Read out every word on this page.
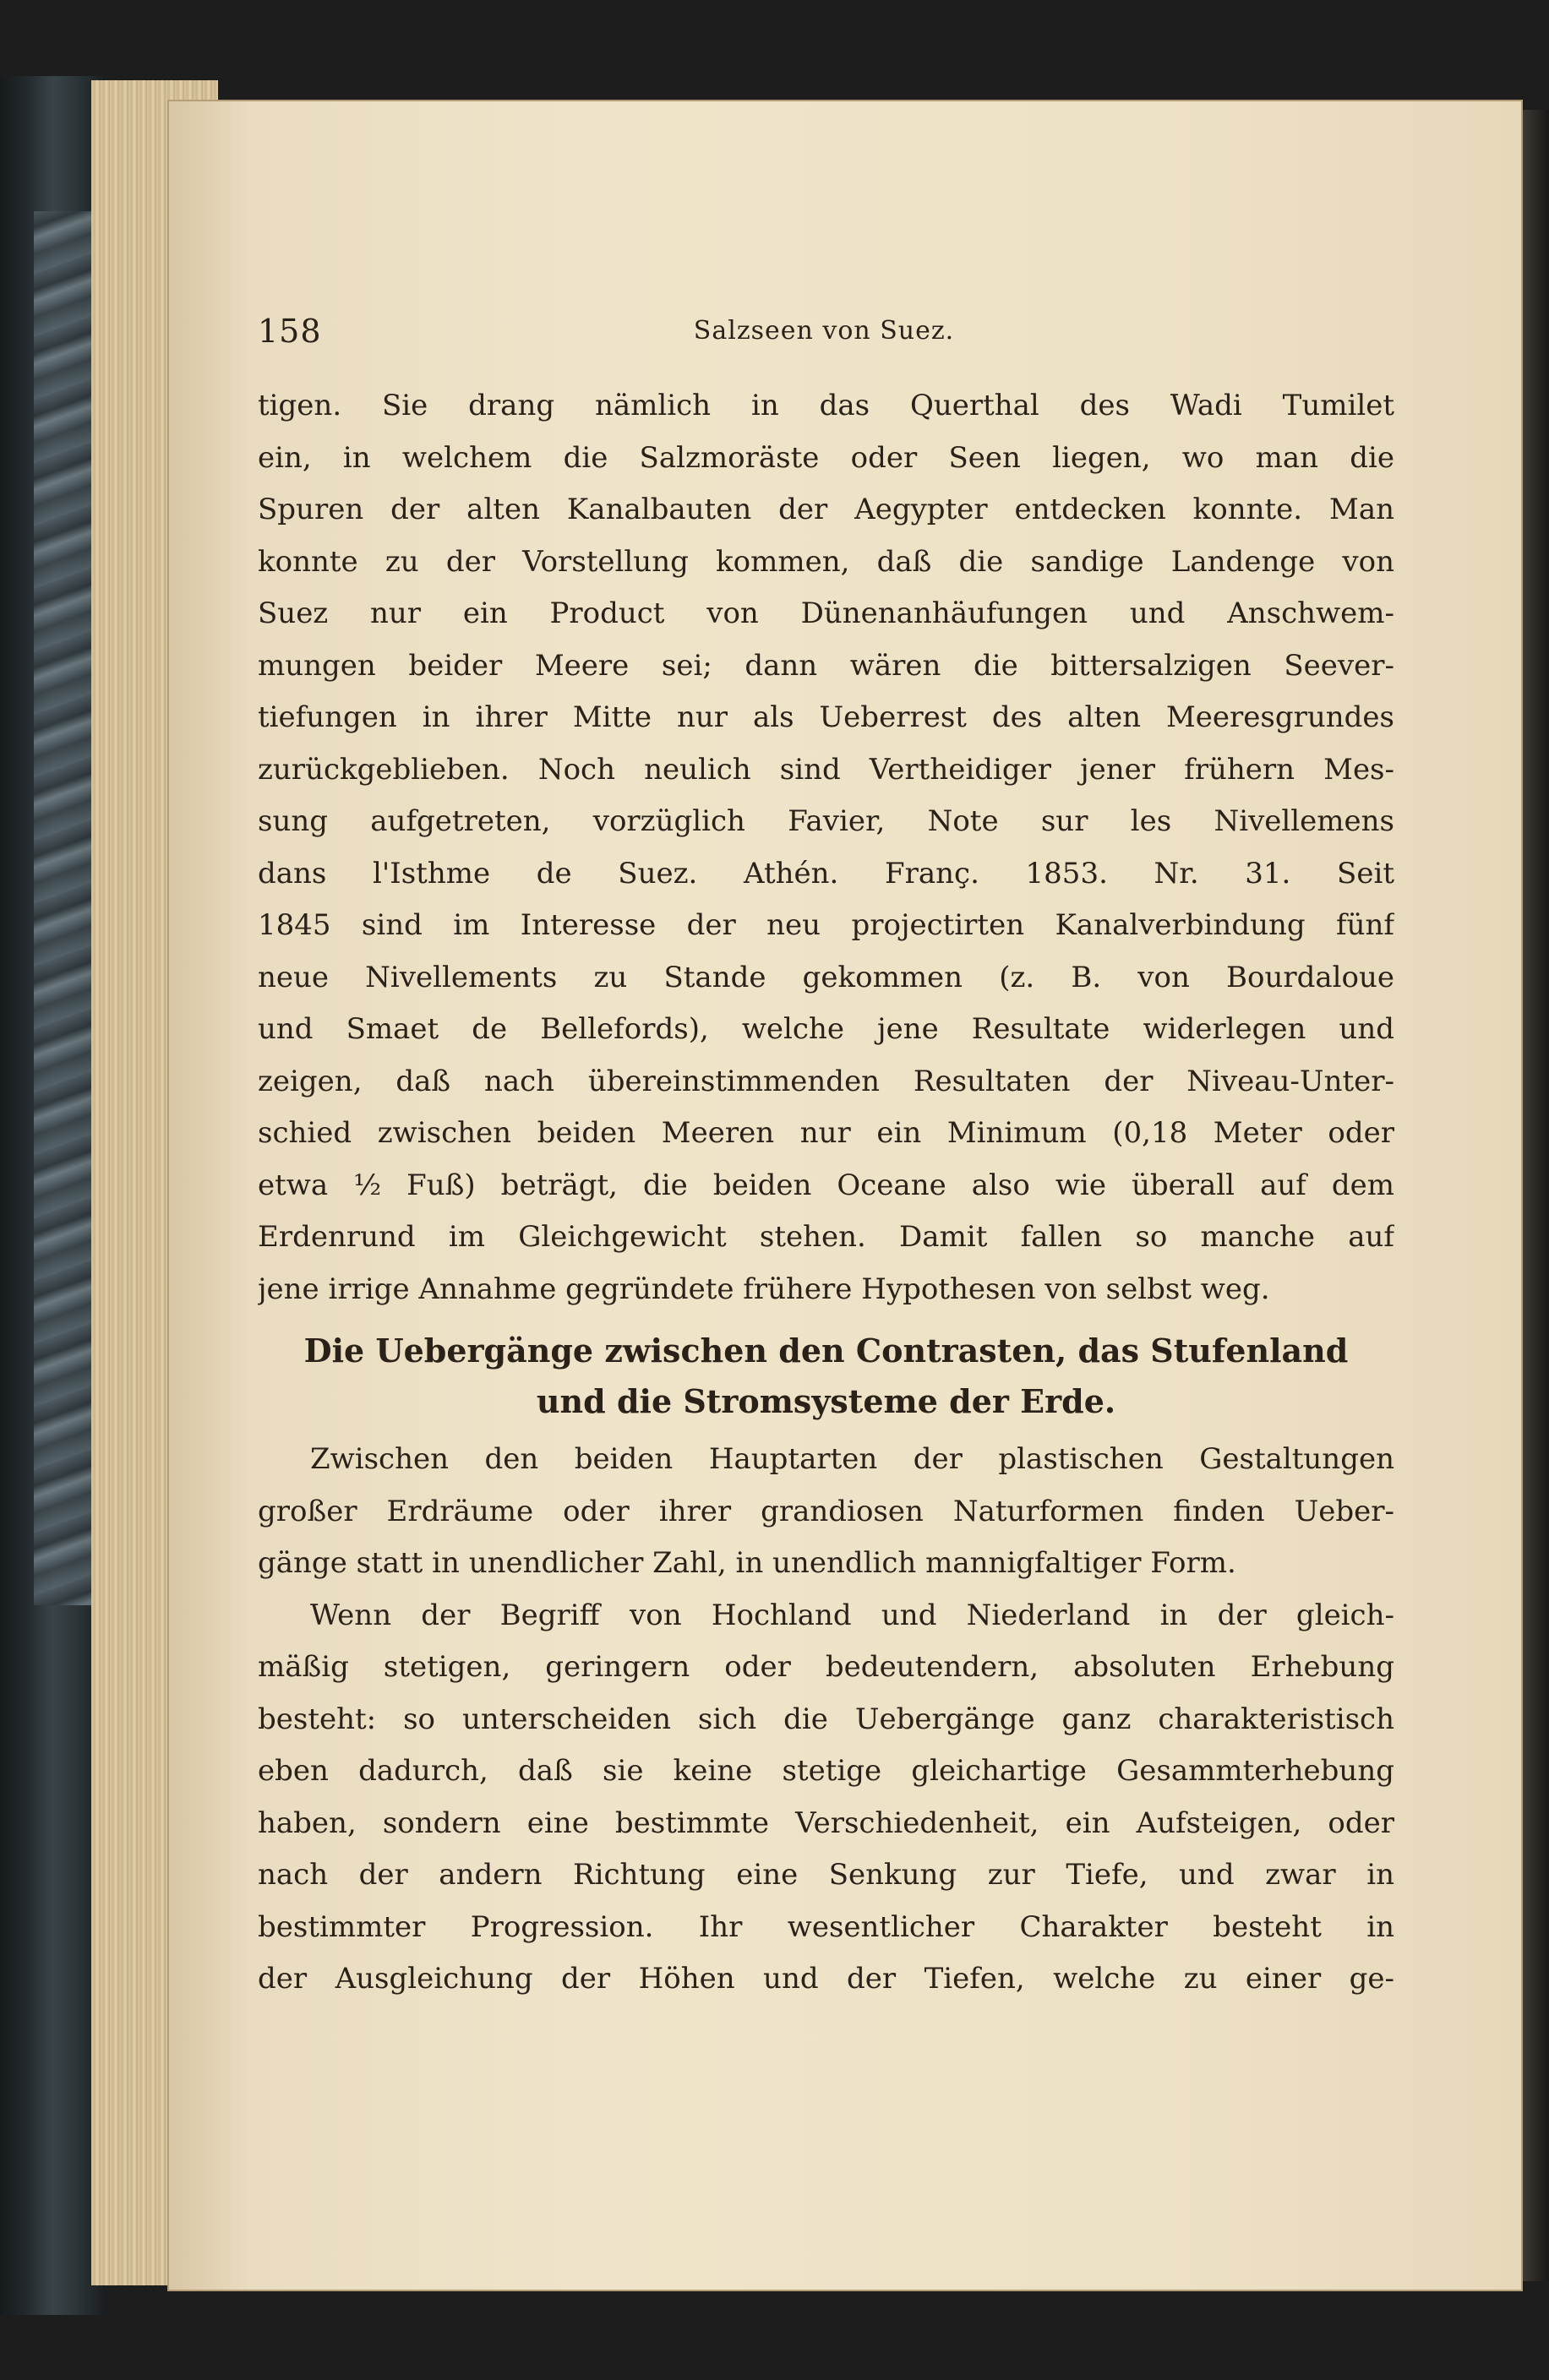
158	Salzseen von Suez.
tigen. Sie drang nämlich in das Querthal des Wadi Tumilet
ein, in welchem die Salzmoräste oder Seen liegen, wo man die
Spuren der alten Kanalbauten der Aegypter entdecken konnte. Man
konnte zu der Vorstellung kommen, daß die sandige Landenge von
Suez nur ein Product von Dünenanhäufungen und Anschwem-
mungen beider Meere sei; dann wären die bittersalzigen Seever-
tiefungen in ihrer Mitte nur als Ueberrest des alten Meeresgrundes
zurückgeblieben. Noch neulich sind Vertheidiger jener frühern Mes-
sung aufgetreten, vorzüglich Favier, Note sur les Nivellemens
dans l'Isthme de Suez. Athén. Franç. 1853. Nr. 31. Seit
1845 sind im Interesse der neu projectirten Kanalverbindung fünf
neue Nivellements zu Stande gekommen (z. B. von Bourdaloue
und Smaet de Bellefords), welche jene Resultate widerlegen und
zeigen, daß nach übereinstimmenden Resultaten der Niveau-Unter-
schied zwischen beiden Meeren nur ein Minimum (0,18 Meter oder
etwa ½ Fuß) beträgt, die beiden Oceane also wie überall auf dem
Erdenrund im Gleichgewicht stehen. Damit fallen so manche auf
jene irrige Annahme gegründete frühere Hypothesen von selbst weg.
Die Uebergänge zwischen den Contrasten, das Stufenland
und die Stromsysteme der Erde.
Zwischen den beiden Hauptarten der plastischen Gestaltungen
großer Erdräume oder ihrer grandiosen Naturformen finden Ueber-
gänge statt in unendlicher Zahl, in unendlich mannigfaltiger Form.
Wenn der Begriff von Hochland und Niederland in der gleich-
mäßig stetigen, geringern oder bedeutendern, absoluten Erhebung
besteht: so unterscheiden sich die Uebergänge ganz charakteristisch
eben dadurch, daß sie keine stetige gleichartige Gesammterhebung
haben, sondern eine bestimmte Verschiedenheit, ein Aufsteigen, oder
nach der andern Richtung eine Senkung zur Tiefe, und zwar in
bestimmter Progression. Ihr wesentlicher Charakter besteht in
der Ausgleichung der Höhen und der Tiefen, welche zu einer ge-
